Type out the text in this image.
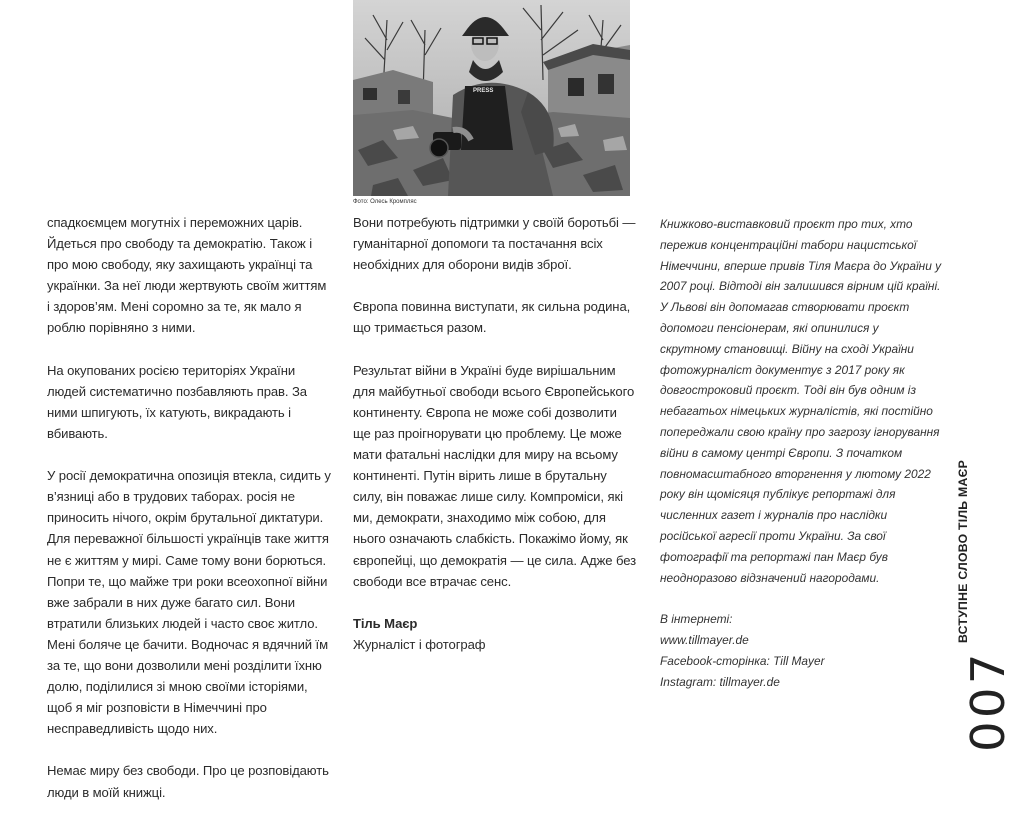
PRESS
Фото: Олесь Кромпляс

спадкоємцем могутніх і переможних царів. Йдеться про свободу та демократію. Також і про мою свободу, яку захищають українці та українки. За неї люди жертвують своїм життям і здоров’ям. Мені соромно за те, як мало я роблю порівняно з ними.

На окупованих росією територіях України людей систематично позбавляють прав. За ними шпигують, їх катують, викрадають і вбивають.

У росії демократична опозиція втекла, сидить у в’язниці або в трудових таборах. росія не приносить нічого, окрім брутальної диктатури. Для переважної більшості українців таке життя не є життям у мирі. Саме тому вони борються. Попри те, що майже три роки всеохопної війни вже забрали в них дуже багато сил. Вони втратили близьких людей і часто своє житло. Мені боляче це бачити. Водночас я вдячний їм за те, що вони дозволили мені розділити їхню долю, поділилися зі мною своїми історіями, щоб я міг розповісти в Німеччині про несправедливість щодо них.

Немає миру без свободи. Про це розповідають люди в моїй книжці.

Вони потребують підтримки у своїй боротьбі — гуманітарної допомоги та постачання всіх необхідних для оборони видів зброї.

Європа повинна виступати, як сильна родина, що тримається разом.

Результат війни в Україні буде вирішальним для майбутньої свободи всього Європейського континенту. Європа не може собі дозволити ще раз проігнорувати цю проблему. Це може мати фатальні наслідки для миру на всьому континенті. Путін вірить лише в брутальну силу, він поважає лише силу. Компроміси, які ми, демократи, знаходимо між собою, для нього означають слабкість. Покажімо йому, як європейці, що демократія — це сила. Адже без свободи все втрачає сенс.

Тіль Маєр
Журналіст і фотограф

Книжково-виставковий проєкт про тих, хто пережив концентраційні табори нацистської Німеччини, вперше привів Тіля Маєра до України у 2007 році. Відтоді він залишився вірним цій країні. У Львові він допомагав створювати проєкт допомоги пенсіонерам, які опинилися у скрутному становищі. Війну на сході України фотожурналіст документує з 2017 року як довгостроковий проєкт. Тоді він був одним із небагатьох німецьких журналістів, які постійно попереджали свою країну про загрозу ігнорування війни в самому центрі Європи. З початком повномасштабного вторгнення у лютому 2022 року він щомісяця публікує репортажі для численних газет і журналів про наслідки російської агресії проти України. За свої фотографії та репортажі пан Маєр був неодноразово відзначений нагородами.

В інтернеті:
www.tillmayer.de
Facebook-сторінка: Till Mayer
Instagram: tillmayer.de

ВСТУПНЕ СЛОВО ТІЛЬ МАЄР
007
